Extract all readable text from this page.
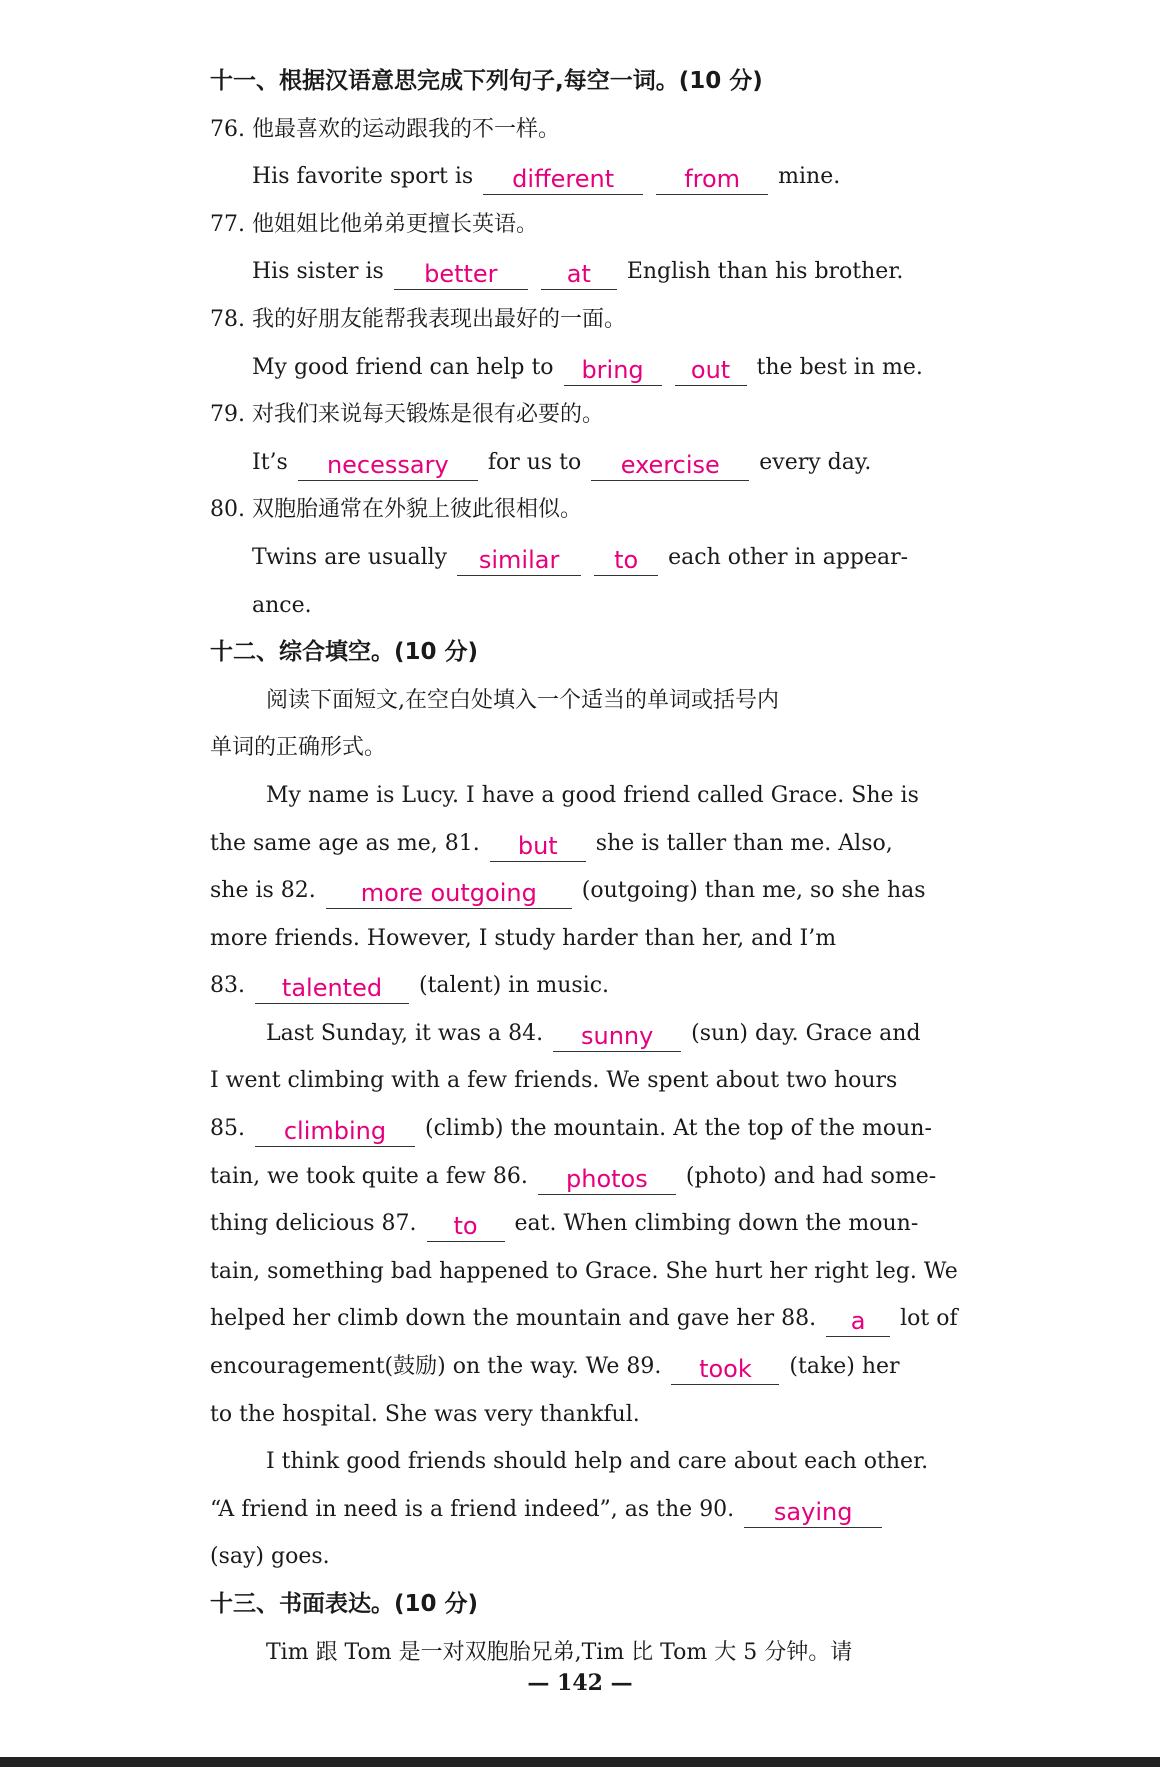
十一、根据汉语意思完成下列句子,每空一词。(10 分)
76. 他最喜欢的运动跟我的不一样。
His favorite sport is different	from mine.
77. 他姐姐比他弟弟更擅长英语。
His sister is better	at English than his brother.
78. 我的好朋友能帮我表现出最好的一面。
My good friend can help to bring out the best in me.
79. 对我们来说每天锻炼是很有必要的。
It’s necessary for us to exercise every day.
80. 双胞胎通常在外貌上彼此很相似。
Twins are usually similar to each other in appear-
ance.
十二、综合填空。(10 分)
阅读下面短文,在空白处填入一个适当的单词或括号内
单词的正确形式。
My name is Lucy. I have a good friend called Grace. She is
the same age as me, 81. but she is taller than me. Also,
she is 82. more outgoing (outgoing) than me, so she has
more friends. However, I study harder than her, and I’m
83. talented (talent) in music.
Last Sunday, it was a 84. sunny (sun) day. Grace and
I went climbing with a few friends. We spent about two hours
85. climbing (climb) the mountain. At the top of the moun-
tain, we took quite a few 86. photos (photo) and had some-
thing delicious 87. to eat. When climbing down the moun-
tain, something bad happened to Grace. She hurt her right leg. We
helped her climb down the mountain and gave her 88. a lot of
encouragement(鼓励) on the way. We 89. took (take) her
to the hospital. She was very thankful.
I think good friends should help and care about each other.
“A friend in need is a friend indeed”, as the 90. saying
(say) goes.
十三、书面表达。(10 分)
Tim 跟 Tom 是一对双胞胎兄弟,Tim 比 Tom 大 5 分钟。请
— 142 —
